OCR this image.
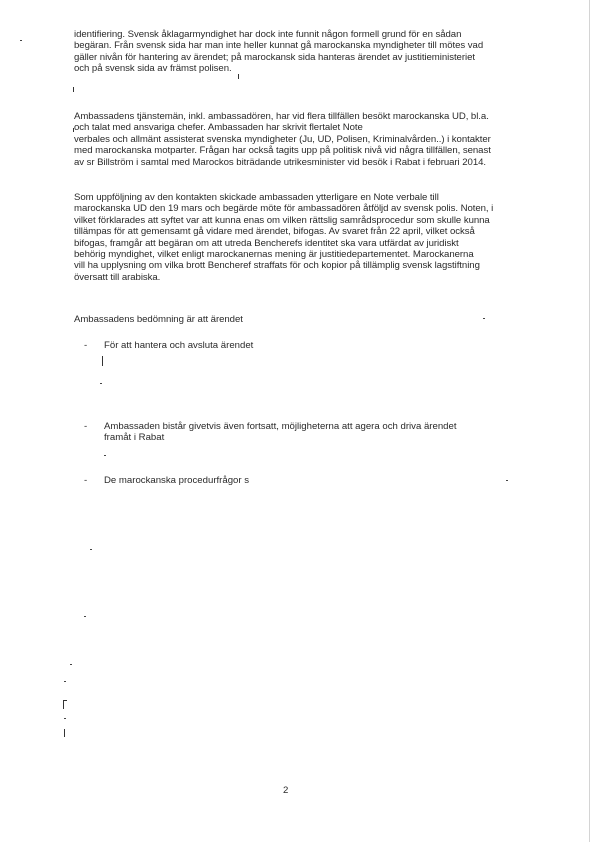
identifiering. Svensk åklagarmyndighet har dock inte funnit någon formell grund för en sådan
begäran. Från svensk sida har man inte heller kunnat gå marockanska myndigheter till mötes vad
gäller nivån för hantering av ärendet; på marockansk sida hanteras ärendet av justitieministeriet
och på svensk sida av främst polisen.
Ambassadens tjänstemän, inkl. ambassadören, har vid flera tillfällen besökt marockanska UD, bl.a.
och talat med ansvariga chefer. Ambassaden har skrivit flertalet Note
verbales och allmänt assisterat svenska myndigheter (Ju, UD, Polisen, Kriminalvården..) i kontakter
med marockanska motparter. Frågan har också tagits upp på politisk nivå vid några tillfällen, senast
av sr Billström i samtal med Marockos biträdande utrikesminister vid besök i Rabat i februari 2014.
Som uppföljning av den kontakten skickade ambassaden ytterligare en Note verbale till
marockanska UD den 19 mars och begärde möte för ambassadören åtföljd av svensk polis. Noten, i
vilket förklarades att syftet var att kunna enas om vilken rättslig samrådsprocedur som skulle kunna
tillämpas för att gemensamt gå vidare med ärendet, bifogas. Av svaret från 22 april, vilket också
bifogas, framgår att begäran om att utreda Bencherefs identitet ska vara utfärdat av juridiskt
behörig myndighet, vilket enligt marockanernas mening är justitiedepartementet. Marockanerna
vill ha upplysning om vilka brott Bencheref straffats för och kopior på tillämplig svensk lagstiftning
översatt till arabiska.
Ambassadens bedömning är att ärendet
- För att hantera och avsluta ärendet
- Ambassaden bistår givetvis även fortsatt, möjligheterna att agera och driva ärendet
framåt i Rabat
- De marockanska procedurfrågor s
2
